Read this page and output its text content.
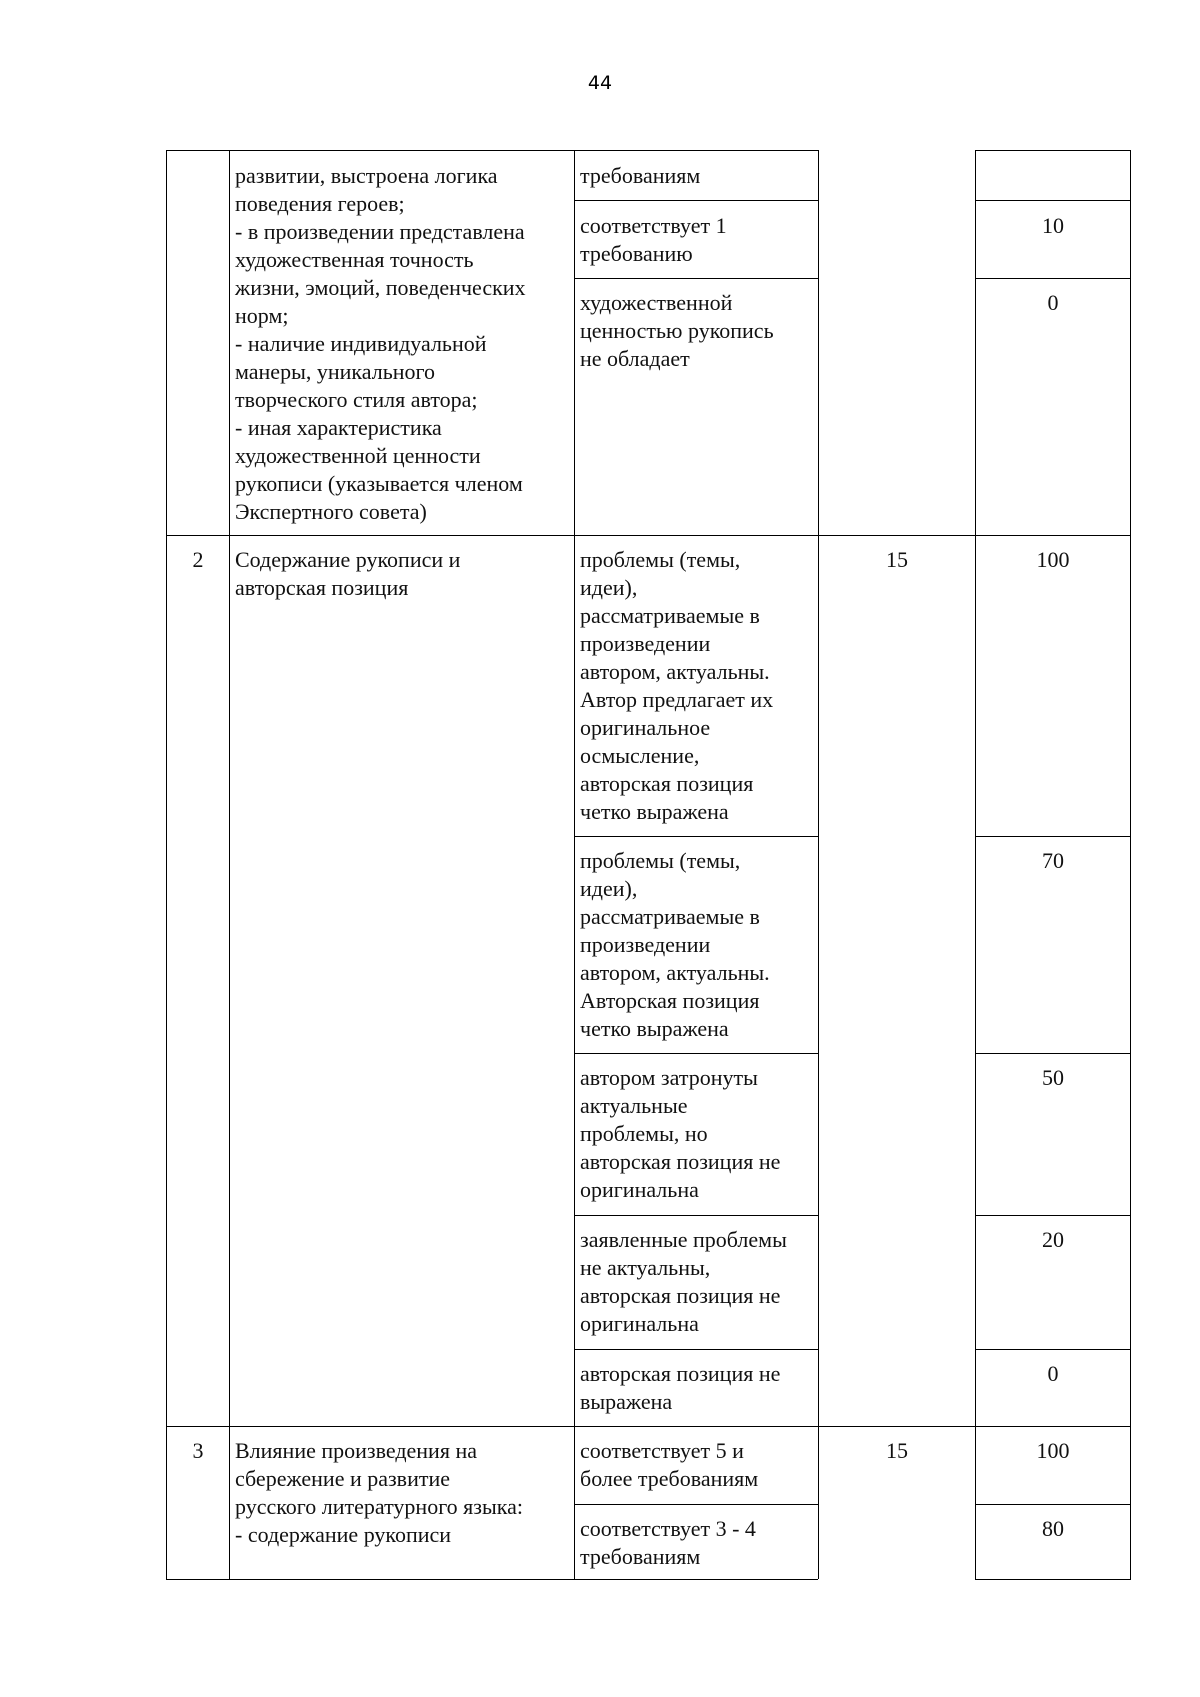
44
развитии, выстроена логика
поведения героев;
- в произведении представлена
художественная точность
жизни, эмоций, поведенческих
норм;
- наличие индивидуальной
манеры, уникального
творческого стиля автора;
- иная характеристика
художественной ценности
рукописи (указывается членом
Экспертного совета)
требованиям
соответствует 1
требованию
10
художественной
ценностью рукопись
не обладает
0
2	Содержание рукописи и
авторская позиция
15
проблемы (темы,
идеи),
рассматриваемые в
произведении
автором, актуальны.
Автор предлагает их
оригинальное
осмысление,
авторская позиция
четко выражена
100
проблемы (темы,
идеи),
рассматриваемые в
произведении
автором, актуальны.
Авторская позиция
четко выражена
70
автором затронуты
актуальные
проблемы, но
авторская позиция не
оригинальна
50
заявленные проблемы
не актуальны,
авторская позиция не
оригинальна
20
авторская позиция не
выражена
0
3	Влияние произведения на
сбережение и развитие
русского литературного языка:
- содержание рукописи
15
соответствует 5 и
более требованиям
100
соответствует 3 - 4
требованиям
80
